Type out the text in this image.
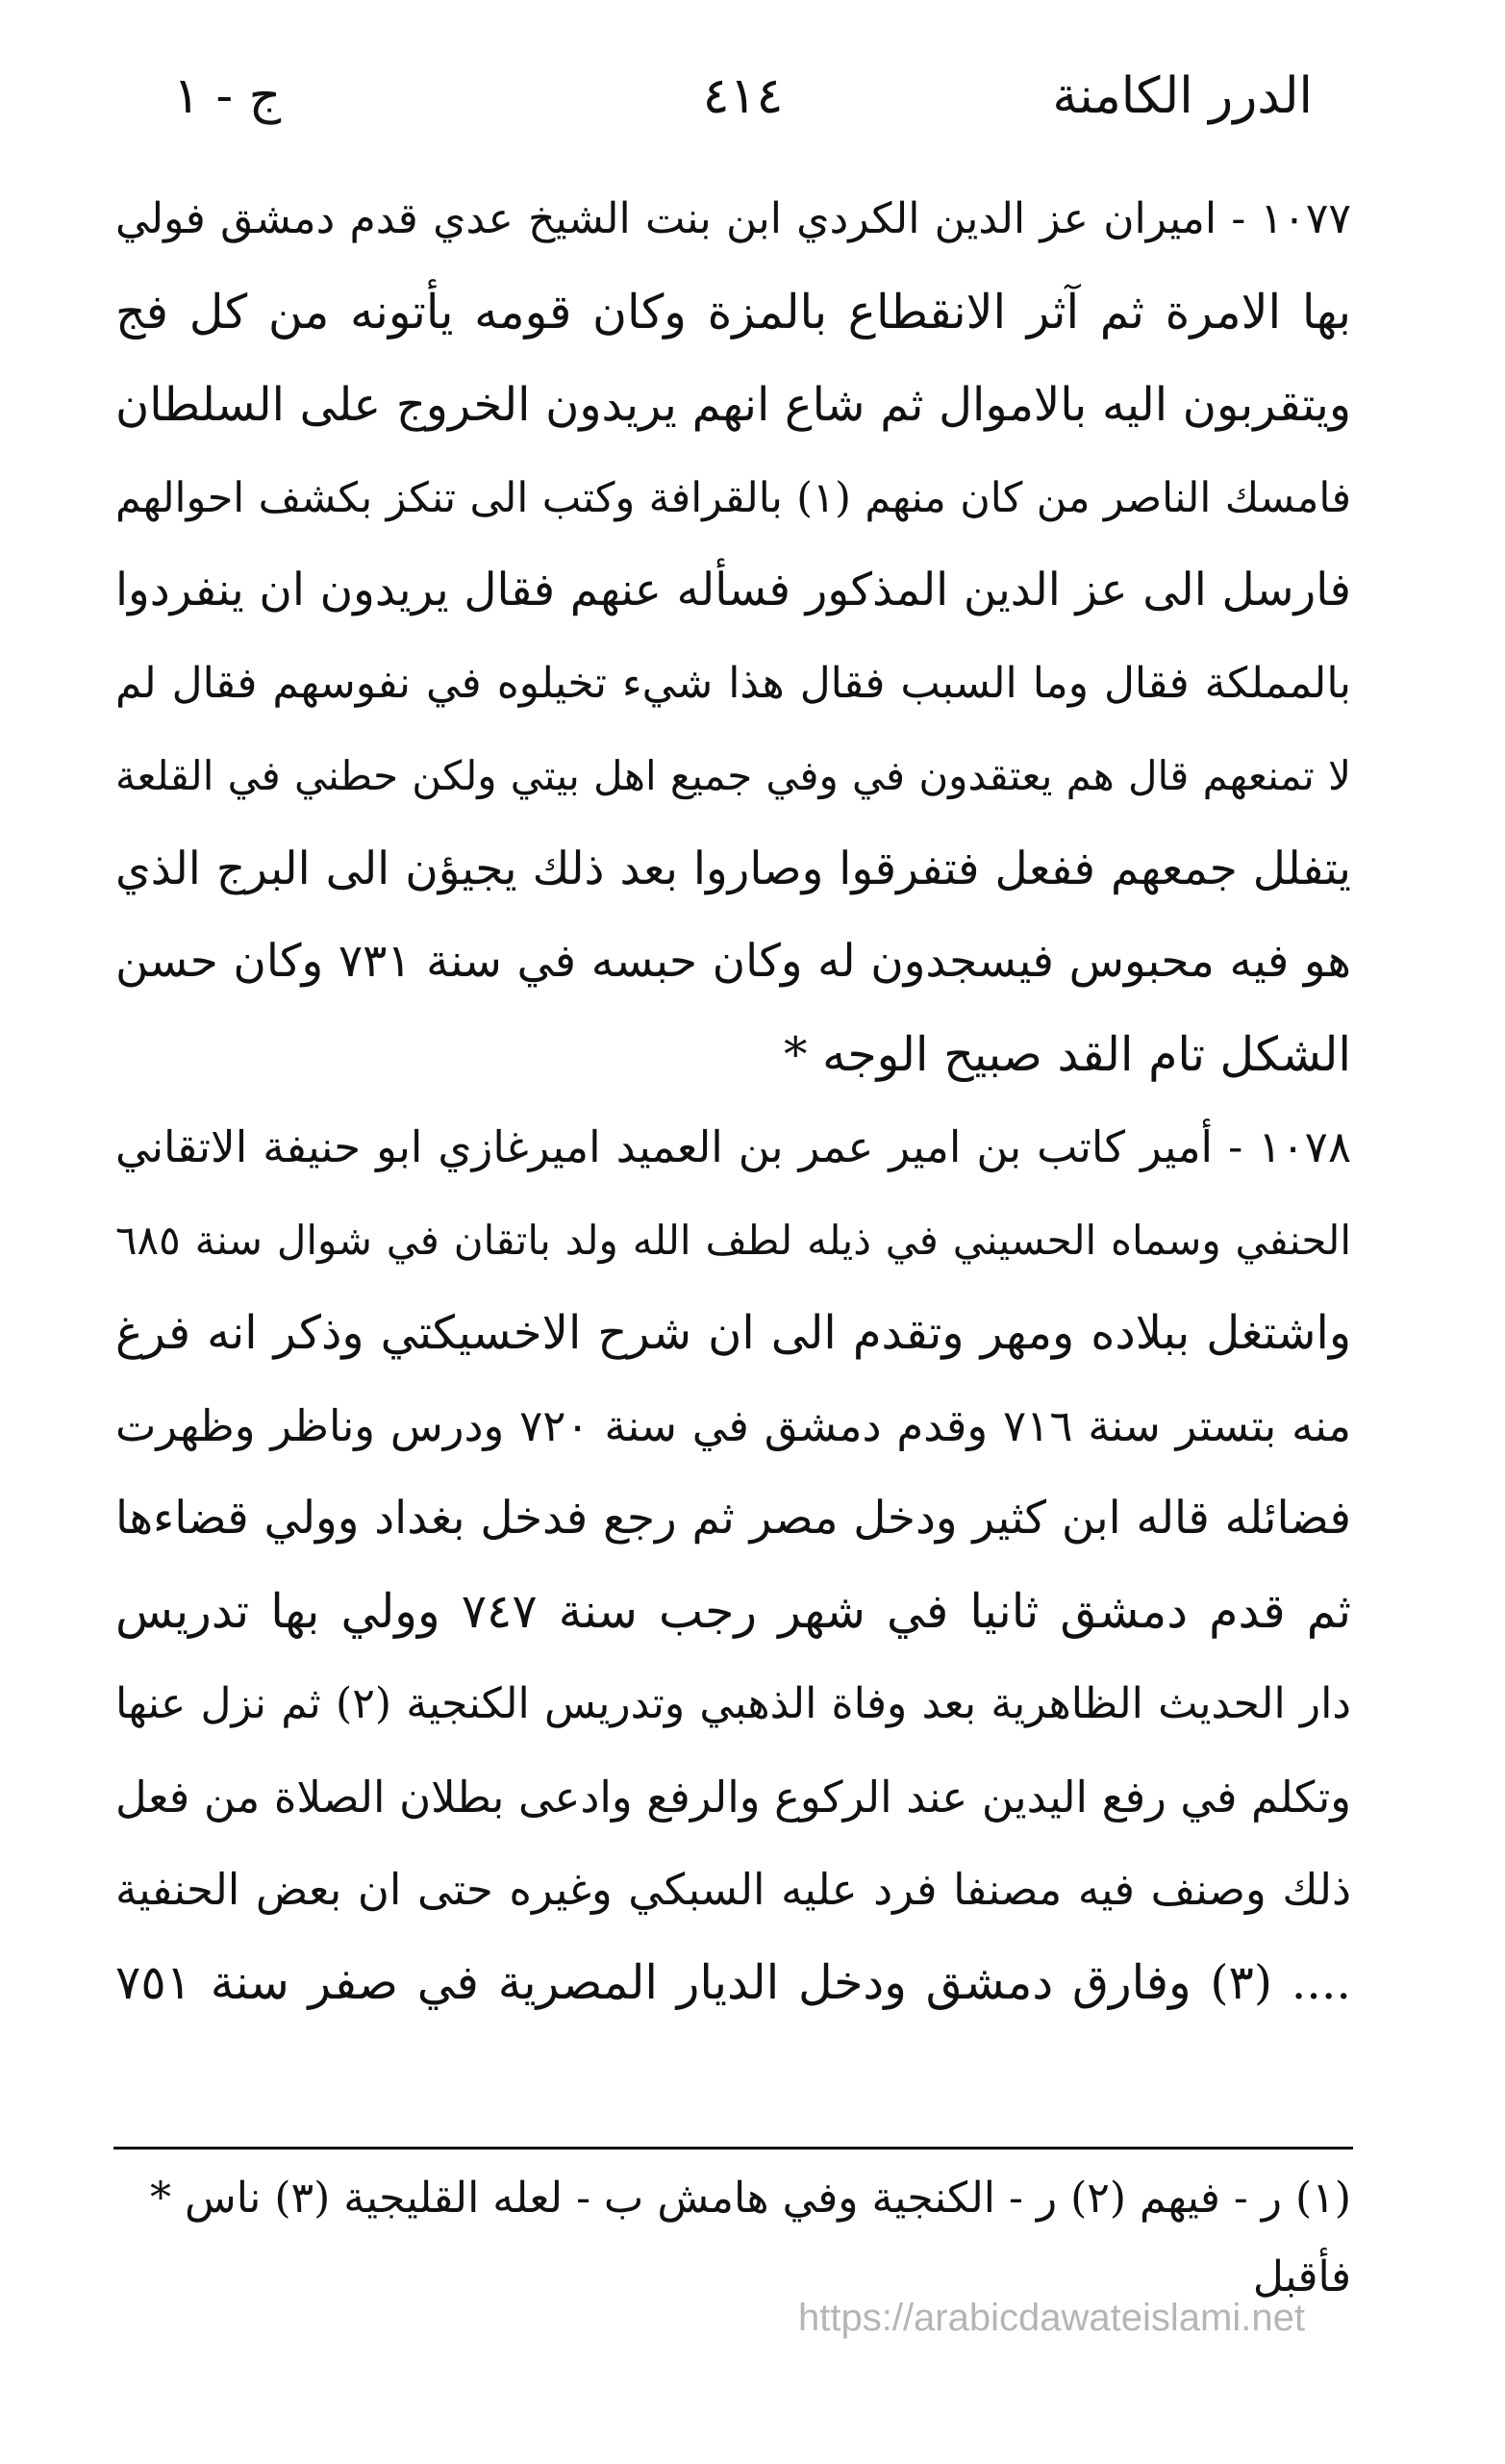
الدرر الكامنة
٤١٤
ج - ١
١٠٧٧ - اميران عز الدين الكردي ابن بنت الشيخ عدي قدم دمشق فولي
بها الامرة ثم آثر الانقطاع بالمزة وكان قومه يأتونه من كل فج
ويتقربون اليه بالاموال ثم شاع انهم يريدون الخروج على السلطان
فامسك الناصر من كان منهم (١) بالقرافة وكتب الى تنكز بكشف احوالهم
فارسل الى عز الدين المذكور فسأله عنهم فقال يريدون ان ينفردوا
بالمملكة فقال وما السبب فقال هذا شيء تخيلوه في نفوسهم فقال لم
لا تمنعهم قال هم يعتقدون في وفي جميع اهل بيتي ولكن حطني في القلعة
يتفلل جمعهم ففعل فتفرقوا وصاروا بعد ذلك يجيؤن الى البرج الذي
هو فيه محبوس فيسجدون له وكان حبسه في سنة ٧٣١ وكان حسن
الشكل تام القد صبيح الوجه *
١٠٧٨ - أمير كاتب بن امير عمر بن العميد اميرغازي ابو حنيفة الاتقاني
الحنفي وسماه الحسيني في ذيله لطف الله ولد باتقان في شوال سنة ٦٨٥
واشتغل ببلاده ومهر وتقدم الى ان شرح الاخسيكتي وذكر انه فرغ
منه بتستر سنة ٧١٦ وقدم دمشق في سنة ٧٢٠ ودرس وناظر وظهرت
فضائله قاله ابن كثير ودخل مصر ثم رجع فدخل بغداد وولي قضاءها
ثم قدم دمشق ثانيا في شهر رجب سنة ٧٤٧ وولي بها تدريس
دار الحديث الظاهرية بعد وفاة الذهبي وتدريس الكنجية (٢) ثم نزل عنها
وتكلم في رفع اليدين عند الركوع والرفع وادعى بطلان الصلاة من فعل
ذلك وصنف فيه مصنفا فرد عليه السبكي وغيره حتى ان بعض الحنفية
.... (٣) وفارق دمشق ودخل الديار المصرية في صفر سنة ٧٥١
(١) ر - فيهم (٢) ر - الكنجية وفي هامش ب - لعله القليجية (٣) ناس *
فأقبل
https://arabicdawateislami.net
